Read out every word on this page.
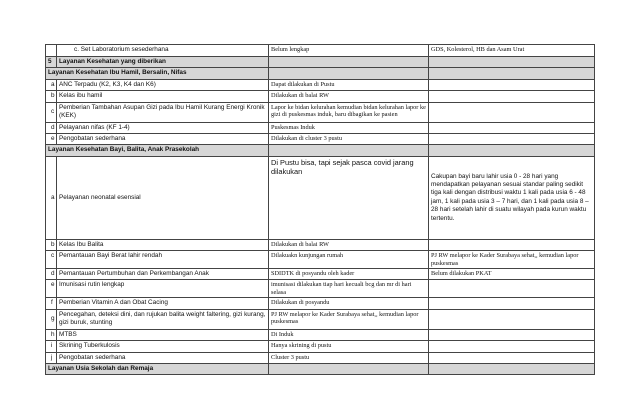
	c. Set Laboratorium sesederhana	Belum lengkap	GDS, Kolesterol, HB dan Asam Urat
5	Layanan Kesehatan yang diberikan		
Layanan Kesehatan Ibu Hamil, Bersalin, Nifas			
a	ANC Terpadu (K2, K3, K4 dan K6)	Dapat dilakukan di Pustu	
b	Kelas ibu hamil	Dilakukan di balai RW	
c	Pemberian Tambahan Asupan Gizi pada Ibu Hamil Kurang Energi Kronik (KEK)	Lapor ke bidan kelurahan kemudian bidan kelurahan lapor ke gizi di puskesmas induk, baru dibagikan ke pasien	
d	Pelayanan nifas (KF 1-4)	Puskesmas Induk	
e	Pengobatan sederhana	Dilakukan di cluster 3 pustu	
Layanan Kesehatan Bayi, Balita, Anak Prasekolah			
a	Pelayanan neonatal esensial	Di Pustu bisa, tapi sejak pasca covid jarang dilakukan	Cakupan bayi baru lahir usia 0 - 28 hari yang mendapatkan pelayanan sesuai standar paling sedikit tiga kali dengan distribusi waktu 1 kali pada usia 6 - 48 jam, 1 kali pada usia 3 – 7 hari, dan 1 kali pada usia 8 – 28 hari setelah lahir di suatu wilayah pada kurun waktu tertentu.
b	Kelas Ibu Balita	Dilakukan di balai RW	
c	Pemantauan Bayi Berat lahir rendah	Dilakuakn kunjungan rumah	PJ RW melapor ke Kader Surabaya sehat,, kemudian lapor puskesmas
d	Pemantauan Pertumbuhan dan Perkembangan Anak	SDIDTK di posyandu oleh kader	Belum dilakukan PKAT
e	Imunisasi rutin lengkap	imunisasi dilakukan tiap hari kecuali bcg dan mr di hari selasa	
f	Pemberian Vitamin A dan Obat Cacing	Dilakukan di posyandu	
g	Pencegahan, deteksi dini, dan rujukan balita weight faltering, gizi kurang, gizi buruk, stunting	PJ RW melapor ke Kader Surabaya sehat,, kemudian lapor puskesmas	
h	MTBS	Di Induk	
i	Skrining Tuberkulosis	Hanya skrining di pustu	
j	Pengobatan sederhana	Cluster 3 pustu	
Layanan Usia Sekolah dan Remaja			
